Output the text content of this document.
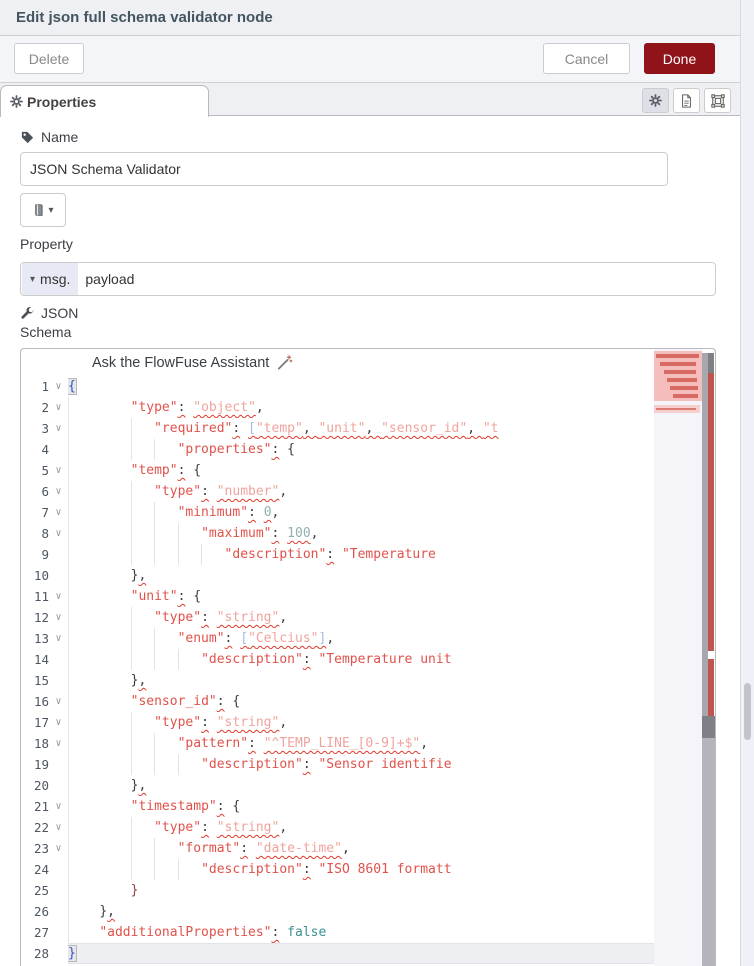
Edit json full schema validator node
Delete	Cancel	Done
Properties
Name
JSON Schema Validator
▾
Property
▾ msg.	payload
JSON
Schema
Ask the FlowFuse Assistant
1 ∨ {
2 ∨	"type": "object",
3 ∨	"required": ["temp", "unit", "sensor_id", "t
4	"properties": {
5 ∨	"temp": {
6 ∨	"type": "number",
7 ∨	"minimum": 0,
8 ∨	"maximum": 100,
9	"description": "Temperature
10	},
11 ∨	"unit": {
12 ∨	"type": "string",
13 ∨	"enum": ["Celcius"],
14	"description": "Temperature unit
15	},
16 ∨	"sensor_id": {
17 ∨	"type": "string",
18 ∨	"pattern": "^TEMP_LINE_[0-9]+$",
19	"description": "Sensor identifie
20	},
21 ∨	"timestamp": {
22 ∨	"type": "string",
23 ∨	"format": "date-time",
24	"description": "ISO 8601 formatt
25	}
26	},
27	"additionalProperties": false
28 }
